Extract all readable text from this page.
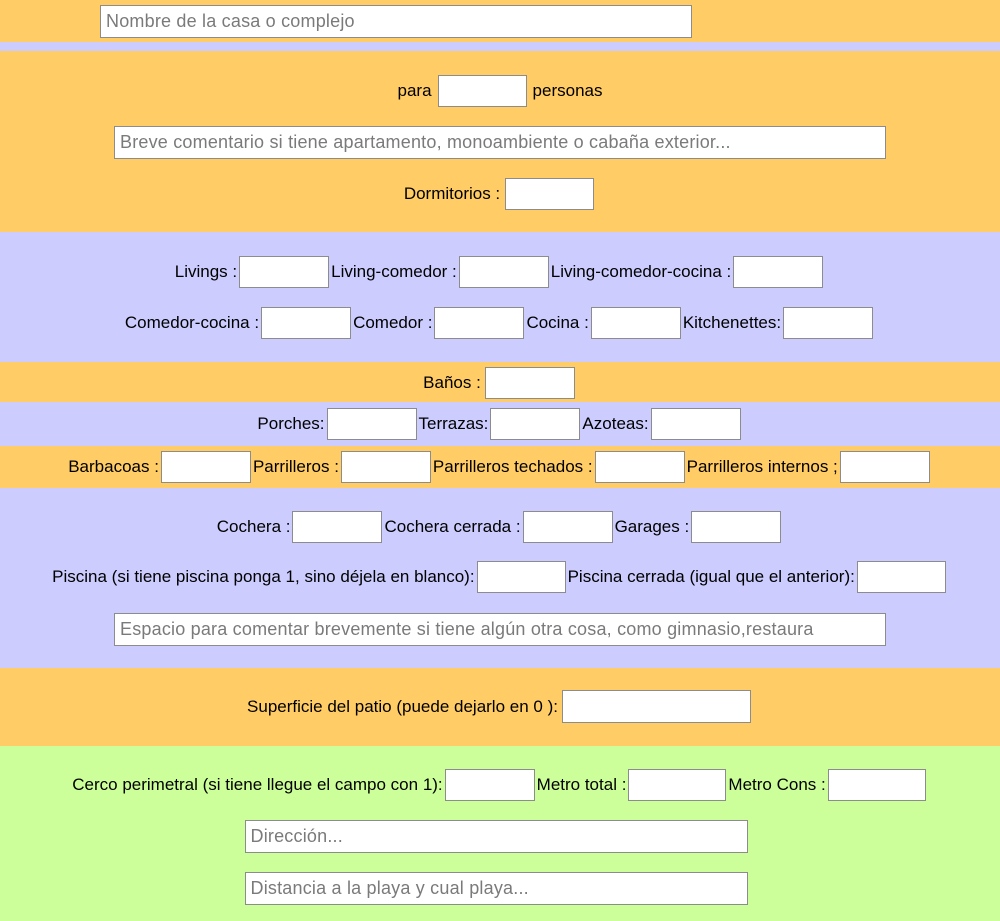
Nombre de la casa o complejo
para	personas
Breve comentario si tiene apartamento, monoambiente o cabaña exterior...
Dormitorios :
Livings :	Living-comedor :	Living-comedor-cocina :
Comedor-cocina :	Comedor :	Cocina :	Kitchenettes:
Baños :
Porches:	Terrazas:	Azoteas:
Barbacoas :	Parrilleros :	Parrilleros techados :	Parrilleros internos ;
Cochera :	Cochera cerrada :	Garages :
Piscina (si tiene piscina ponga 1, sino déjela en blanco):	Piscina cerrada (igual que el anterior):
Espacio para comentar brevemente si tiene algún otra cosa, como gimnasio,restaura
Superficie del patio (puede dejarlo en 0 ):
Cerco perimetral (si tiene llegue el campo con 1):	Metro total :	Metro Cons :
Dirección...
Distancia a la playa y cual playa...
